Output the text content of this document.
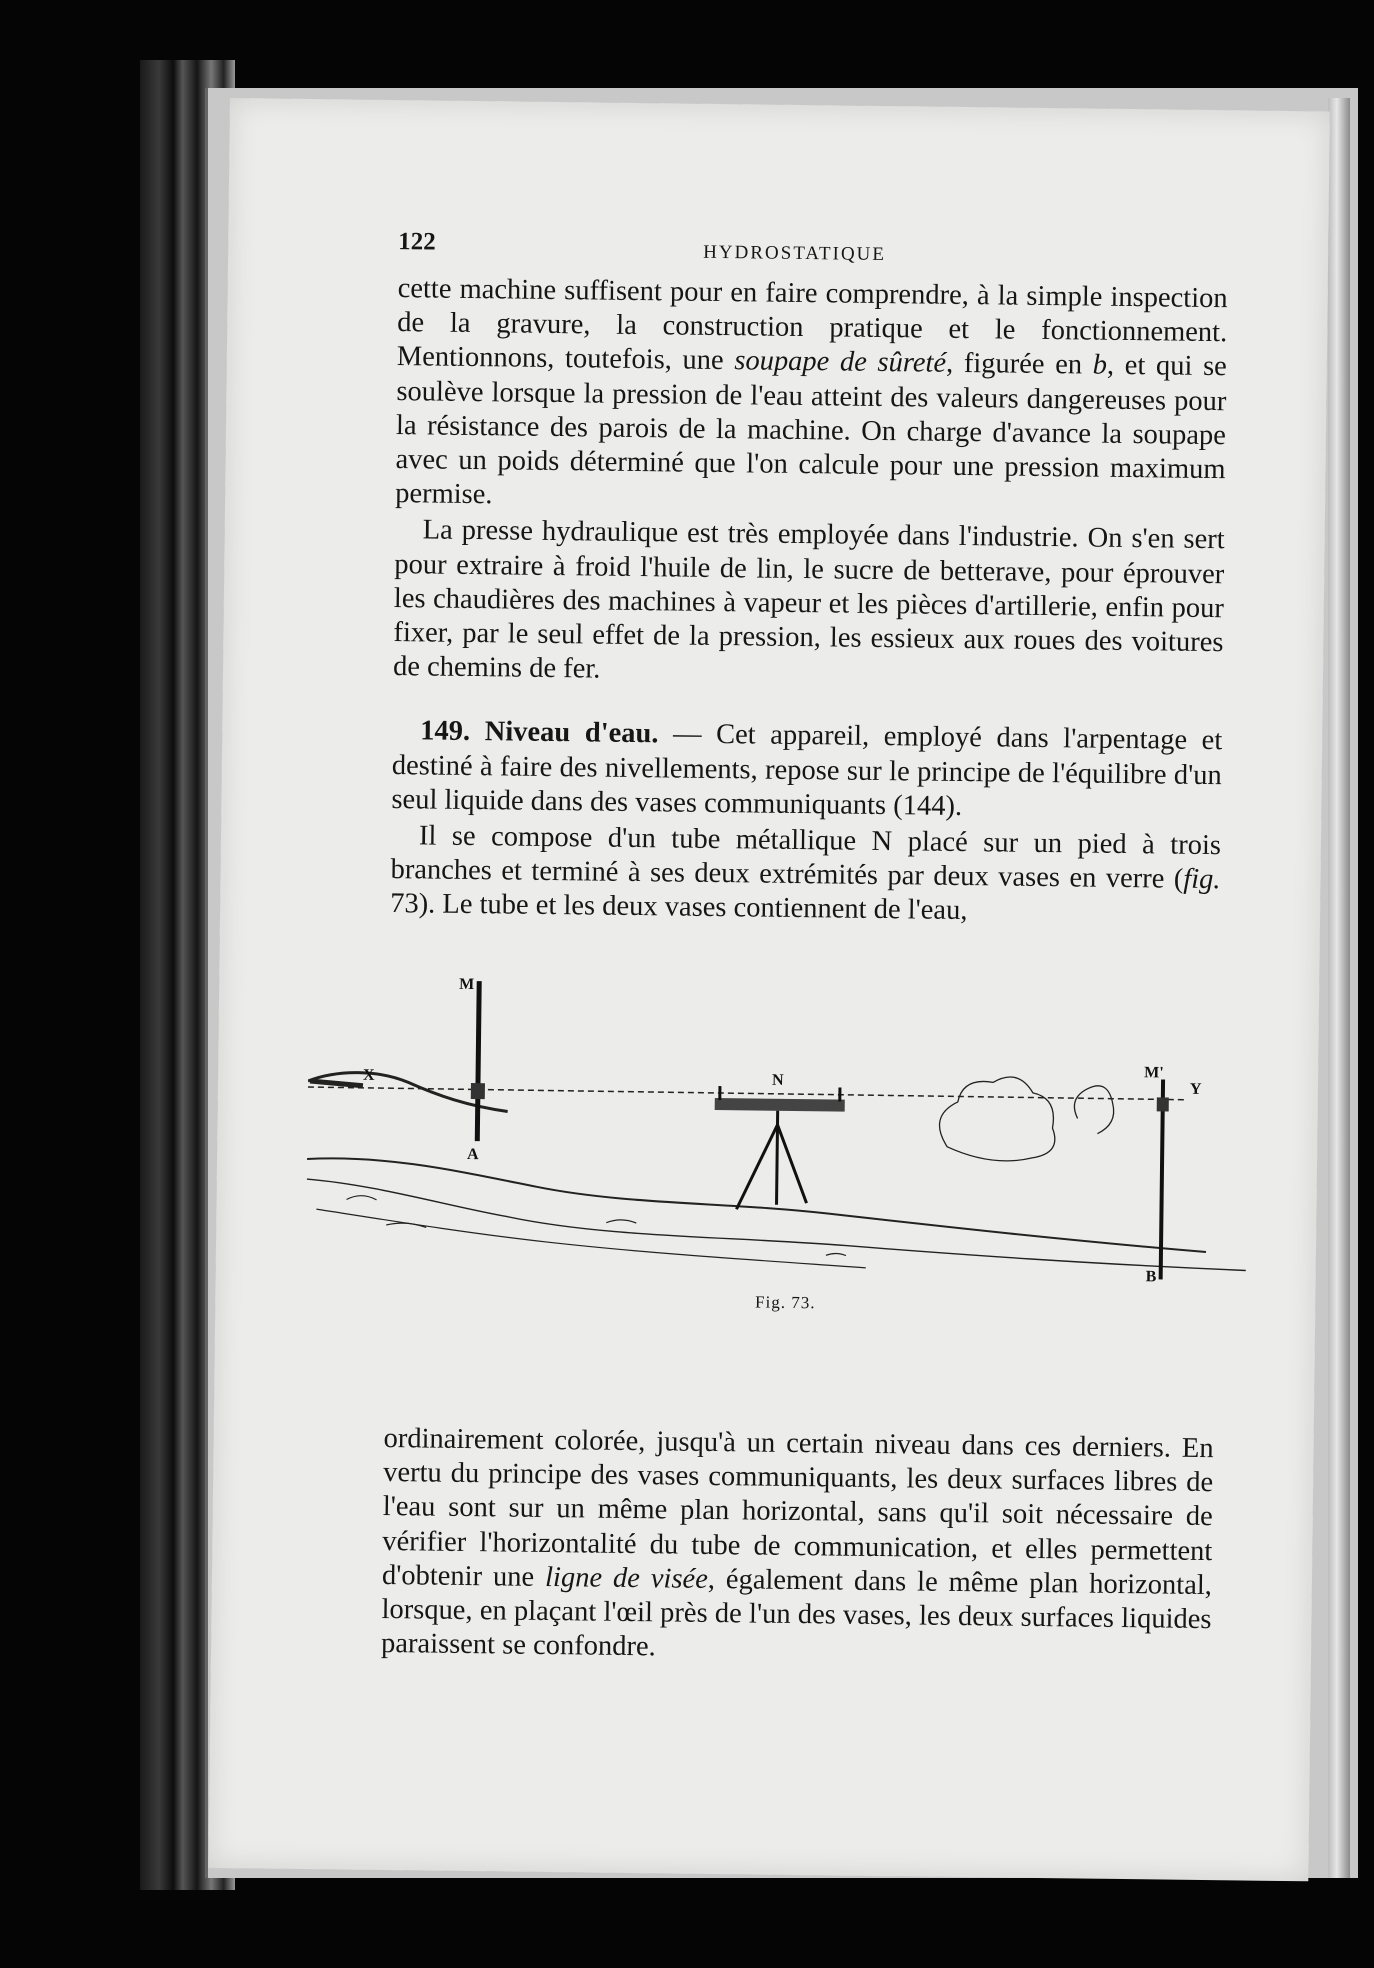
122	HYDROSTATIQUE

cette machine suffisent pour en faire comprendre, à la simple inspection de la gravure, la construction pratique et le fonctionnement. Mentionnons, toutefois, une soupape de sûreté, figurée en b, et qui se soulève lorsque la pression de l'eau atteint des valeurs dangereuses pour la résistance des parois de la machine. On charge d'avance la soupape avec un poids déterminé que l'on calcule pour une pression maximum permise.

La presse hydraulique est très employée dans l'industrie. On s'en sert pour extraire à froid l'huile de lin, le sucre de betterave, pour éprouver les chaudières des machines à vapeur et les pièces d'artillerie, enfin pour fixer, par le seul effet de la pression, les essieux aux roues des voitures de chemins de fer.

149. Niveau d'eau. — Cet appareil, employé dans l'arpentage et destiné à faire des nivellements, repose sur le principe de l'équilibre d'un seul liquide dans des vases communiquants (144).

Il se compose d'un tube métallique N placé sur un pied à trois branches et terminé à ses deux extrémités par deux vases en verre (fig. 73). Le tube et les deux vases contiennent de l'eau,

M
M'
X
Y
N
A
B
Fig. 73.

ordinairement colorée, jusqu'à un certain niveau dans ces derniers. En vertu du principe des vases communiquants, les deux surfaces libres de l'eau sont sur un même plan horizontal, sans qu'il soit nécessaire de vérifier l'horizontalité du tube de communication, et elles permettent d'obtenir une ligne de visée, également dans le même plan horizontal, lorsque, en plaçant l'œil près de l'un des vases, les deux surfaces liquides paraissent se confondre.
